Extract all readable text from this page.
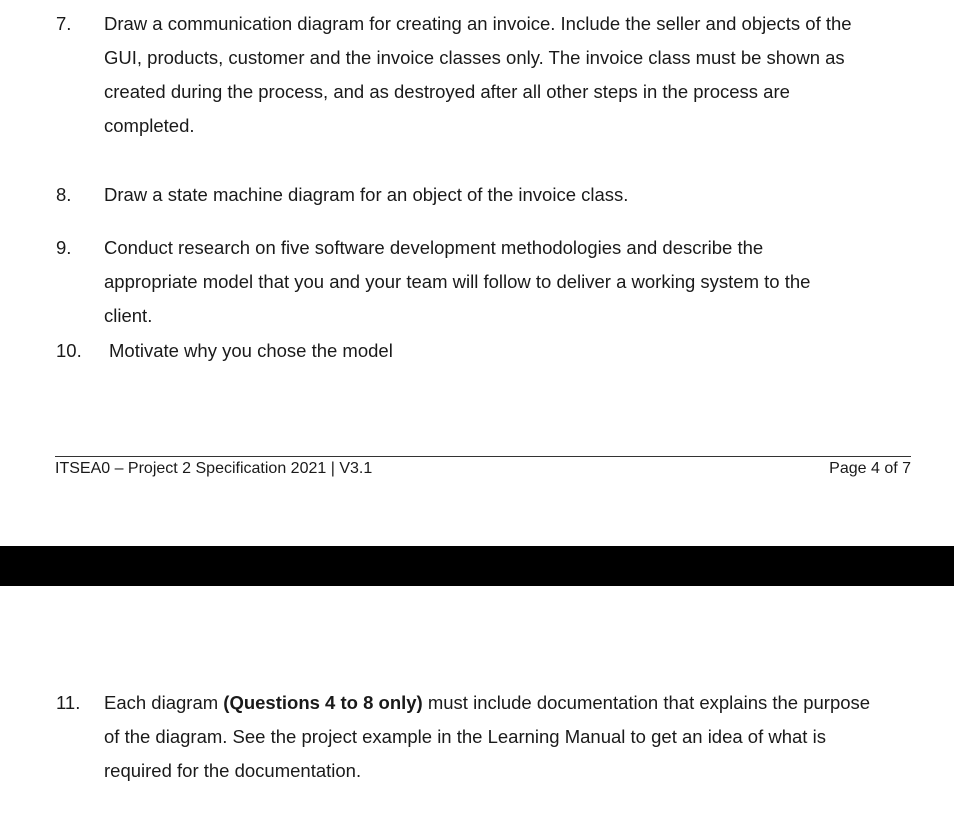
7. Draw a communication diagram for creating an invoice. Include the seller and objects of the
GUI, products, customer and the invoice classes only. The invoice class must be shown as
created during the process, and as destroyed after all other steps in the process are
completed.
8. Draw a state machine diagram for an object of the invoice class.
9. Conduct research on five software development methodologies and describe the
appropriate model that you and your team will follow to deliver a working system to the
client.
10. Motivate why you chose the model
ITSEA0 – Project 2 Specification 2021 | V3.1	Page 4 of 7
11. Each diagram (Questions 4 to 8 only) must include documentation that explains the purpose
of the diagram. See the project example in the Learning Manual to get an idea of what is
required for the documentation.
